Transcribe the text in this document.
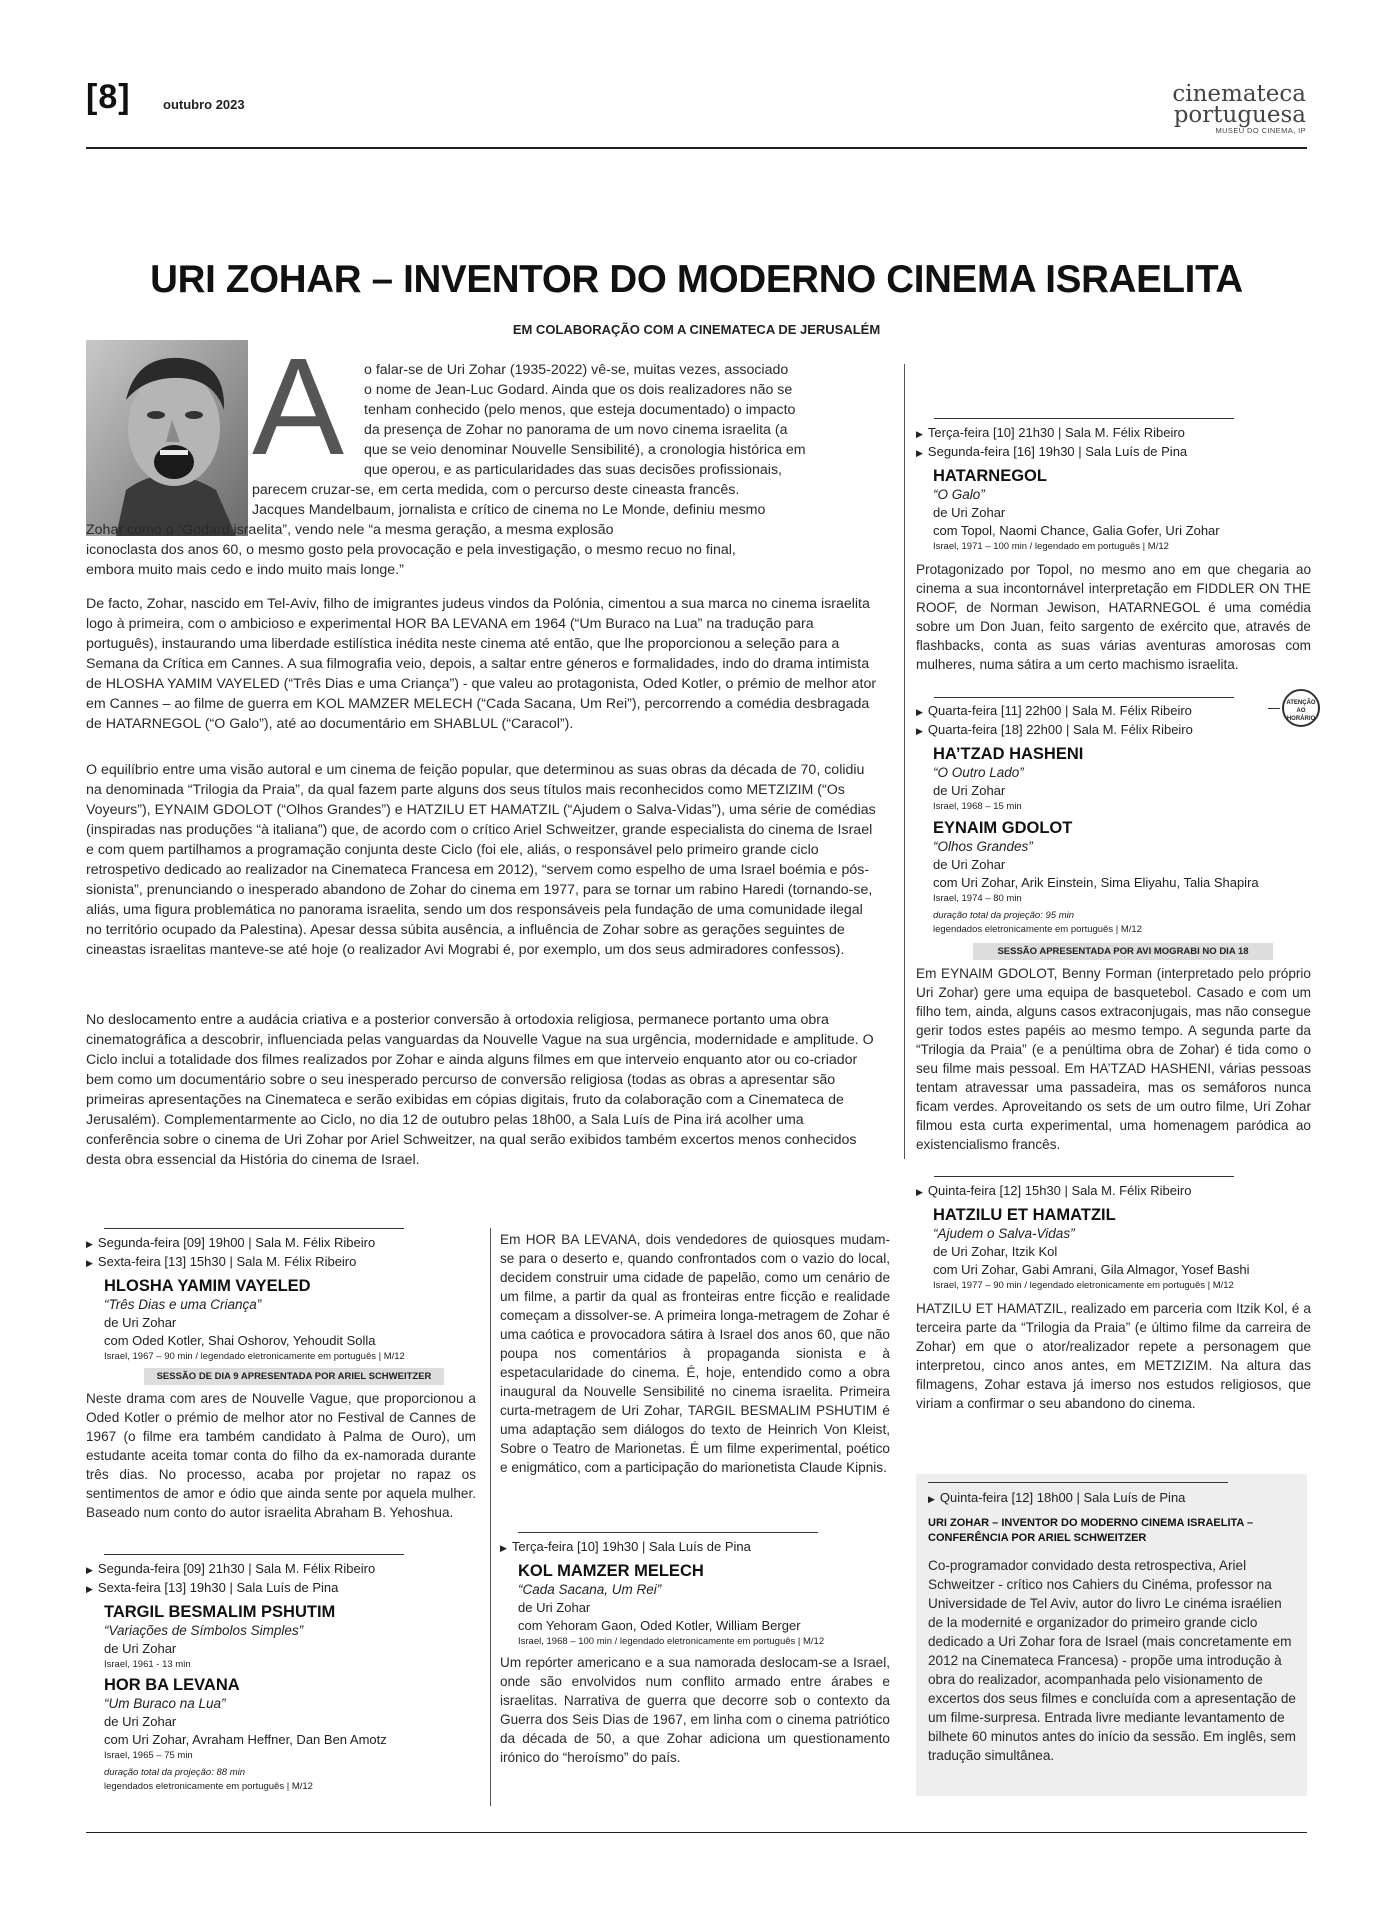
[8] outubro 2023	cinemateca
portuguesa
MUSEU DO CINEMA, IP
URI ZOHAR – INVENTOR DO MODERNO CINEMA ISRAELITA
EM COLABORAÇÃO COM A CINEMATECA DE JERUSALÉM
A o falar-se de Uri Zohar (1935-2022) vê-se, muitas vezes, associado
o nome de Jean-Luc Godard. Ainda que os dois realizadores não se
tenham conhecido (pelo menos, que esteja documentado) o impacto
da presença de Zohar no panorama de um novo cinema israelita (a
que se veio denominar Nouvelle Sensibilité), a cronologia histórica em
que operou, e as particularidades das suas decisões profissionais,
parecem cruzar-se, em certa medida, com o percurso deste cineasta francês.
Jacques Mandelbaum, jornalista e crítico de cinema no Le Monde, definiu mesmo
Zohar como o “Godard israelita”, vendo nele “a mesma geração, a mesma explosão
iconoclasta dos anos 60, o mesmo gosto pela provocação e pela investigação, o mesmo recuo no final,
embora muito mais cedo e indo muito mais longe.”
De facto, Zohar, nascido em Tel-Aviv, filho de imigrantes judeus vindos da Polónia, cimentou a sua marca no cinema israelita logo à primeira, com o ambicioso e experimental HOR BA LEVANA em 1964 (“Um Buraco na Lua” na tradução para português), instaurando uma liberdade estilística inédita neste cinema até então, que lhe proporcionou a seleção para a Semana da Crítica em Cannes. A sua filmografia veio, depois, a saltar entre géneros e formalidades, indo do drama intimista de HLOSHA YAMIM VAYELED (“Três Dias e uma Criança”) - que valeu ao protagonista, Oded Kotler, o prémio de melhor ator em Cannes – ao filme de guerra em KOL MAMZER MELECH (“Cada Sacana, Um Rei”), percorrendo a comédia desbragada de HATARNEGOL (“O Galo”), até ao documentário em SHABLUL (“Caracol”).
O equilíbrio entre uma visão autoral e um cinema de feição popular, que determinou as suas obras da década de 70, colidiu na denominada “Trilogia da Praia”, da qual fazem parte alguns dos seus títulos mais reconhecidos como METZIZIM (“Os Voyeurs”), EYNAIM GDOLOT (“Olhos Grandes”) e HATZILU ET HAMATZIL (“Ajudem o Salva-Vidas”), uma série de comédias (inspiradas nas produções “à italiana”) que, de acordo com o crítico Ariel Schweitzer, grande especialista do cinema de Israel e com quem partilhamos a programação conjunta deste Ciclo (foi ele, aliás, o responsável pelo primeiro grande ciclo retrospetivo dedicado ao realizador na Cinemateca Francesa em 2012), “servem como espelho de uma Israel boémia e pós-sionista”, prenunciando o inesperado abandono de Zohar do cinema em 1977, para se tornar um rabino Haredi (tornando-se, aliás, uma figura problemática no panorama israelita, sendo um dos responsáveis pela fundação de uma comunidade ilegal no território ocupado da Palestina). Apesar dessa súbita ausência, a influência de Zohar sobre as gerações seguintes de cineastas israelitas manteve-se até hoje (o realizador Avi Mograbi é, por exemplo, um dos seus admiradores confessos).
No deslocamento entre a audácia criativa e a posterior conversão à ortodoxia religiosa, permanece portanto uma obra cinematográfica a descobrir, influenciada pelas vanguardas da Nouvelle Vague na sua urgência, modernidade e amplitude. O Ciclo inclui a totalidade dos filmes realizados por Zohar e ainda alguns filmes em que interveio enquanto ator ou co-criador bem como um documentário sobre o seu inesperado percurso de conversão religiosa (todas as obras a apresentar são primeiras apresentações na Cinemateca e serão exibidas em cópias digitais, fruto da colaboração com a Cinemateca de Jerusalém). Complementarmente ao Ciclo, no dia 12 de outubro pelas 18h00, a Sala Luís de Pina irá acolher uma conferência sobre o cinema de Uri Zohar por Ariel Schweitzer, na qual serão exibidos também excertos menos conhecidos desta obra essencial da História do cinema de Israel.
▶ Terça-feira [10] 21h30 | Sala M. Félix Ribeiro
▶ Segunda-feira [16] 19h30 | Sala Luís de Pina
HATARNEGOL
“O Galo”
de Uri Zohar
com Topol, Naomi Chance, Galia Gofer, Uri Zohar
Israel, 1971 – 100 min / legendado em português | M/12
Protagonizado por Topol, no mesmo ano em que chegaria ao cinema a sua incontornável interpretação em FIDDLER ON THE ROOF, de Norman Jewison, HATARNEGOL é uma comédia sobre um Don Juan, feito sargento de exército que, através de flashbacks, conta as suas várias aventuras amorosas com mulheres, numa sátira a um certo machismo israelita.
ATENÇÃO AO HORÁRIO
▶ Quarta-feira [11] 22h00 | Sala M. Félix Ribeiro
▶ Quarta-feira [18] 22h00 | Sala M. Félix Ribeiro
HA’TZAD HASHENI
“O Outro Lado”
de Uri Zohar
Israel, 1968 – 15 min
EYNAIM GDOLOT
“Olhos Grandes”
de Uri Zohar
com Uri Zohar, Arik Einstein, Sima Eliyahu, Talia Shapira
Israel, 1974 – 80 min
duração total da projeção: 95 min
legendados eletronicamente em português | M/12
SESSÃO APRESENTADA POR AVI MOGRABI NO DIA 18
Em EYNAIM GDOLOT, Benny Forman (interpretado pelo próprio Uri Zohar) gere uma equipa de basquetebol. Casado e com um filho tem, ainda, alguns casos extraconjugais, mas não consegue gerir todos estes papéis ao mesmo tempo. A segunda parte da “Trilogia da Praia” (e a penúltima obra de Zohar) é tida como o seu filme mais pessoal. Em HA’TZAD HASHENI, várias pessoas tentam atravessar uma passadeira, mas os semáforos nunca ficam verdes. Aproveitando os sets de um outro filme, Uri Zohar filmou esta curta experimental, uma homenagem paródica ao existencialismo francês.
▶ Quinta-feira [12] 15h30 | Sala M. Félix Ribeiro
HATZILU ET HAMATZIL
“Ajudem o Salva-Vidas”
de Uri Zohar, Itzik Kol
com Uri Zohar, Gabi Amrani, Gila Almagor, Yosef Bashi
Israel, 1977 – 90 min / legendado eletronicamente em português | M/12
HATZILU ET HAMATZIL, realizado em parceria com Itzik Kol, é a terceira parte da “Trilogia da Praia” (e último filme da carreira de Zohar) em que o ator/realizador repete a personagem que interpretou, cinco anos antes, em METZIZIM. Na altura das filmagens, Zohar estava já imerso nos estudos religiosos, que viriam a confirmar o seu abandono do cinema.
▶ Quinta-feira [12] 18h00 | Sala Luís de Pina
URI ZOHAR – INVENTOR DO MODERNO CINEMA ISRAELITA – CONFERÊNCIA POR ARIEL SCHWEITZER
Co-programador convidado desta retrospectiva, Ariel Schweitzer - crítico nos Cahiers du Cinéma, professor na Universidade de Tel Aviv, autor do livro Le cinéma israélien de la modernité e organizador do primeiro grande ciclo dedicado a Uri Zohar fora de Israel (mais concretamente em 2012 na Cinemateca Francesa) - propõe uma introdução à obra do realizador, acompanhada pelo visionamento de excertos dos seus filmes e concluída com a apresentação de um filme-surpresa. Entrada livre mediante levantamento de bilhete 60 minutos antes do início da sessão. Em inglês, sem tradução simultânea.
▶ Segunda-feira [09] 19h00 | Sala M. Félix Ribeiro
▶ Sexta-feira [13] 15h30 | Sala M. Félix Ribeiro
HLOSHA YAMIM VAYELED
“Três Dias e uma Criança”
de Uri Zohar
com Oded Kotler, Shai Oshorov, Yehoudit Solla
Israel, 1967 – 90 min / legendado eletronicamente em português | M/12
SESSÃO DE DIA 9 APRESENTADA POR ARIEL SCHWEITZER
Neste drama com ares de Nouvelle Vague, que proporcionou a Oded Kotler o prémio de melhor ator no Festival de Cannes de 1967 (o filme era também candidato à Palma de Ouro), um estudante aceita tomar conta do filho da ex-namorada durante três dias. No processo, acaba por projetar no rapaz os sentimentos de amor e ódio que ainda sente por aquela mulher. Baseado num conto do autor israelita Abraham B. Yehoshua.
▶ Segunda-feira [09] 21h30 | Sala M. Félix Ribeiro
▶ Sexta-feira [13] 19h30 | Sala Luís de Pina
TARGIL BESMALIM PSHUTIM
“Variações de Símbolos Simples”
de Uri Zohar
Israel, 1961 - 13 min
HOR BA LEVANA
“Um Buraco na Lua”
de Uri Zohar
com Uri Zohar, Avraham Heffner, Dan Ben Amotz
Israel, 1965 – 75 min
duração total da projeção: 88 min
legendados eletronicamente em português | M/12
Em HOR BA LEVANA, dois vendedores de quiosques mudam-se para o deserto e, quando confrontados com o vazio do local, decidem construir uma cidade de papelão, como um cenário de um filme, a partir da qual as fronteiras entre ficção e realidade começam a dissolver-se. A primeira longa-metragem de Zohar é uma caótica e provocadora sátira à Israel dos anos 60, que não poupa nos comentários à propaganda sionista e à espetacularidade do cinema. É, hoje, entendido como a obra inaugural da Nouvelle Sensibilité no cinema israelita. Primeira curta-metragem de Uri Zohar, TARGIL BESMALIM PSHUTIM é uma adaptação sem diálogos do texto de Heinrich Von Kleist, Sobre o Teatro de Marionetas. É um filme experimental, poético e enigmático, com a participação do marionetista Claude Kipnis.
▶ Terça-feira [10] 19h30 | Sala Luís de Pina
KOL MAMZER MELECH
“Cada Sacana, Um Rei”
de Uri Zohar
com Yehoram Gaon, Oded Kotler, William Berger
Israel, 1968 – 100 min / legendado eletronicamente em português | M/12
Um repórter americano e a sua namorada deslocam-se a Israel, onde são envolvidos num conflito armado entre árabes e israelitas. Narrativa de guerra que decorre sob o contexto da Guerra dos Seis Dias de 1967, em linha com o cinema patriótico da década de 50, a que Zohar adiciona um questionamento irónico do “heroísmo” do país.
